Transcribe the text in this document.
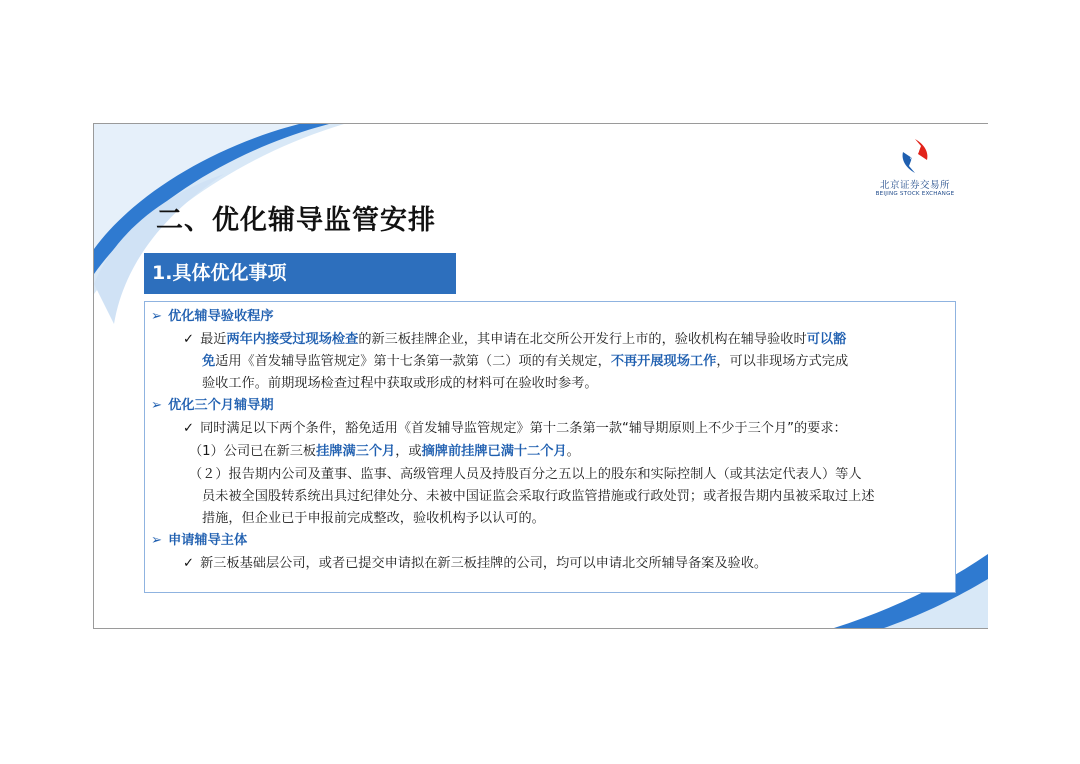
北京证券交易所
BEIJING STOCK EXCHANGE
二、优化辅导监管安排
1.具体优化事项
➢ 优化辅导验收程序
✓ 最近两年内接受过现场检查的新三板挂牌企业，其申请在北交所公开发行上市的，验收机构在辅导验收时可以豁
免适用《首发辅导监管规定》第十七条第一款第（二）项的有关规定，不再开展现场工作，可以非现场方式完成
验收工作。前期现场检查过程中获取或形成的材料可在验收时参考。
➢ 优化三个月辅导期
✓ 同时满足以下两个条件，豁免适用《首发辅导监管规定》第十二条第一款“辅导期原则上不少于三个月”的要求：
（1）公司已在新三板挂牌满三个月，或摘牌前挂牌已满十二个月。
（２）报告期内公司及董事、监事、高级管理人员及持股百分之五以上的股东和实际控制人（或其法定代表人）等人
员未被全国股转系统出具过纪律处分、未被中国证监会采取行政监管措施或行政处罚；或者报告期内虽被采取过上述
措施，但企业已于申报前完成整改，验收机构予以认可的。
➢ 申请辅导主体
✓ 新三板基础层公司，或者已提交申请拟在新三板挂牌的公司，均可以申请北交所辅导备案及验收。
